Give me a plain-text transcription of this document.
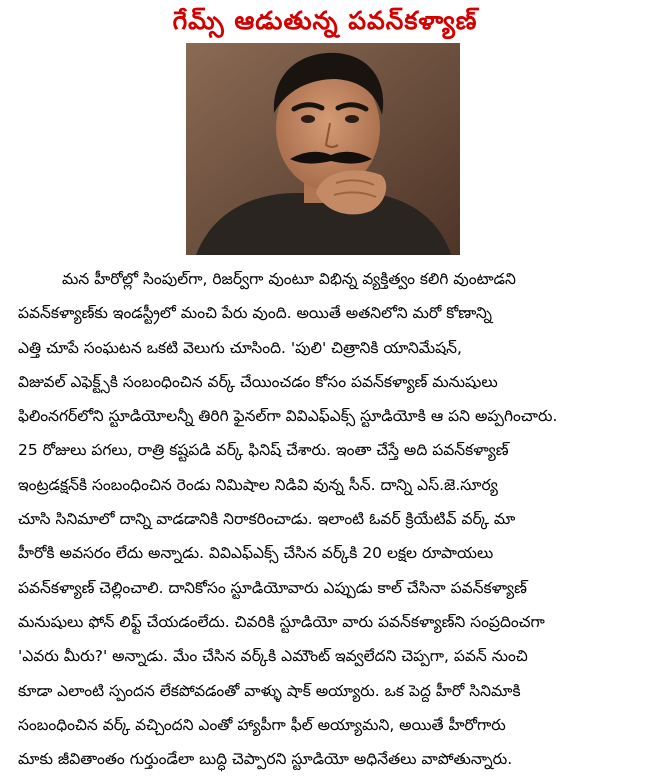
గేమ్స్ ఆడుతున్న పవన్‌కళ్యాణ్
మన హీరోల్లో సింపుల్‌గా, రిజర్వ్‌గా వుంటూ విభిన్న వ్యక్తిత్వం కలిగి వుంటాడని
పవన్‌కళ్యాణ్‌కు ఇండస్ట్రీలో మంచి పేరు వుంది. అయితే అతనిలోని మరో కోణాన్ని
ఎత్తి చూపే సంఘటన ఒకటి వెలుగు చూసింది. 'పులి' చిత్రానికి యానిమేషన్,
విజువల్ ఎఫెక్ట్స్‌కి సంబంధించిన వర్క్ చేయించడం కోసం పవన్‌కళ్యాణ్ మనుషులు
ఫిలింనగర్‌లోని స్టూడియోలన్నీ తిరిగి ఫైనల్‌గా వివిఎఫ్ఎక్స్ స్టూడియోకి ఆ పని అప్పగించారు.
25 రోజులు పగలు, రాత్రి కష్టపడి వర్క్ ఫినిష్ చేశారు. ఇంతా చేస్తే అది పవన్‌కళ్యాణ్
ఇంట్రడక్షన్‌కి సంబంధించిన రెండు నిమిషాల నిడివి వున్న సీన్. దాన్ని ఎస్.జె.సూర్య
చూసి సినిమాలో దాన్ని వాడడానికి నిరాకరించాడు. ఇలాంటి ఓవర్ క్రియేటివ్ వర్క్ మా
హీరోకి అవసరం లేదు అన్నాడు. వివిఎఫ్ఎక్స్ చేసిన వర్క్‌కి 20 లక్షల రూపాయలు
పవన్‌కళ్యాణ్ చెల్లించాలి. దానికోసం స్టూడియోవారు ఎప్పుడు కాల్ చేసినా పవన్‌కళ్యాణ్
మనుషులు ఫోన్ లిఫ్ట్ చేయడంలేదు. చివరికి స్టూడియో వారు పవన్‌కళ్యాణ్‌ని సంప్రదించగా
'ఎవరు మీరు?' అన్నాడు. మేం చేసిన వర్క్‌కి ఎమౌంట్ ఇవ్వలేదని చెప్పగా, పవన్ నుంచి
కూడా ఎలాంటి స్పందన లేకపోవడంతో వాళ్ళు షాక్ అయ్యారు. ఒక పెద్ద హీరో సినిమాకి
సంబంధించిన వర్క్ వచ్చిందని ఎంతో హ్యాపీగా ఫీల్ అయ్యామని, అయితే హీరోగారు
మాకు జీవితాంతం గుర్తుండేలా బుద్ధి చెప్పారని స్టూడియో అధినేతలు వాపోతున్నారు.
